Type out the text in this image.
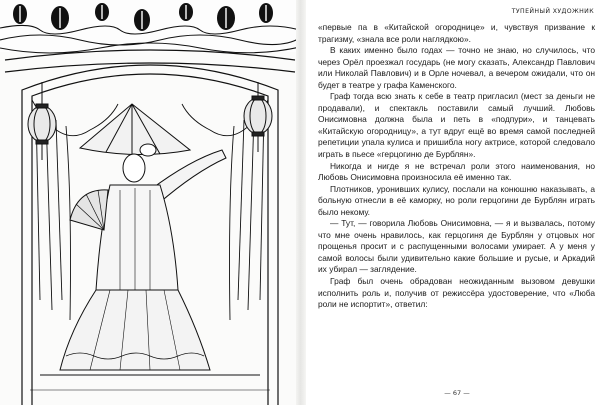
ТУПЕЙНЫЙ ХУДОЖНИК

«первые па в «Китайской огороднице» и, чувствуя призвание к трагизму, «знала все роли наглядкою».

В каких именно было годах — точно не знаю, но случилось, что через Орёл проезжал государь (не могу сказать, Александр Павлович или Николай Павлович) и в Орле ночевал, а вечером ожидали, что он будет в театре у графа Каменского.

Граф тогда всю знать к себе в театр пригласил (мест за деньги не продавали), и спектакль поставили самый лучший. Любовь Онисимовна должна была и петь в «подпури», и танцевать «Китайскую огородницу», а тут вдруг ещё во время самой последней репетиции упала кулиса и пришибла ногу актрисе, которой следовало играть в пьесе «герцогиню де Бурблян».

Никогда и нигде я не встречал роли этого наименования, но Любовь Онисимовна произносила её именно так.

Плотников, уронивших кулису, послали на конюшню наказывать, а больную отнесли в её каморку, но роли герцогини де Бурблян играть было некому.

— Тут, — говорила Любовь Онисимовна, — я и вызвалась, потому что мне очень нравилось, как герцогиня де Бурблян у отцовых ног прощенья просит и с распущенными волосами умирает. А у меня у самой волосы были удивительно какие большие и русые, и Аркадий их убирал — заглядение.

Граф был очень обрадован неожиданным вызовом девушки исполнить роль и, получив от режиссёра удостоверение, что «Люба роли не испортит», ответил:

— 67 —
